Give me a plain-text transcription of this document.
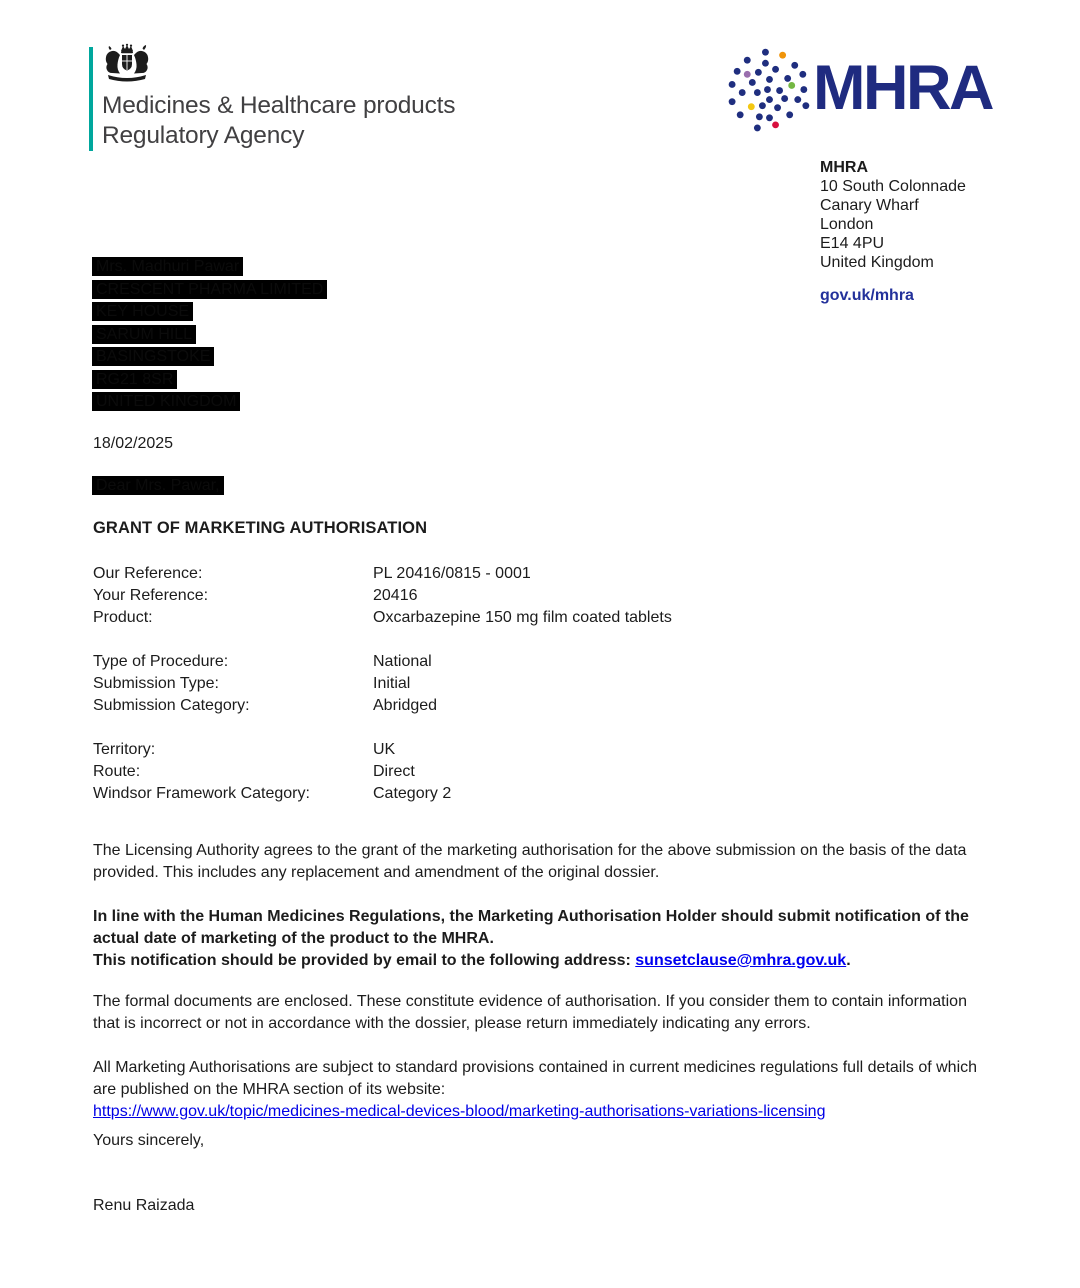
Medicines & Healthcare products
Regulatory Agency
MHRA
MHRA
10 South Colonnade
Canary Wharf
London
E14 4PU
United Kingdom
gov.uk/mhra
Mrs. Madhuri Pawar
CRESCENT PHARMA LIMITED
KEY HOUSE
SARUM HILL
BASINGSTOKE
RG21 8SR
UNITED KINGDOM
18/02/2025
Dear Mrs. Pawar,
GRANT OF MARKETING AUTHORISATION
Our Reference:	PL 20416/0815 - 0001
Your Reference:	20416
Product:	Oxcarbazepine 150 mg film coated tablets
Type of Procedure:	National
Submission Type:	Initial
Submission Category:	Abridged
Territory:	UK
Route:	Direct
Windsor Framework Category:	Category 2

The Licensing Authority agrees to the grant of the marketing authorisation for the above submission on the basis of the data provided. This includes any replacement and amendment of the original dossier.

In line with the Human Medicines Regulations, the Marketing Authorisation Holder should submit notification of the actual date of marketing of the product to the MHRA.
This notification should be provided by email to the following address: sunsetclause@mhra.gov.uk.

The formal documents are enclosed. These constitute evidence of authorisation. If you consider them to contain information that is incorrect or not in accordance with the dossier, please return immediately indicating any errors.

All Marketing Authorisations are subject to standard provisions contained in current medicines regulations full details of which are published on the MHRA section of its website:
https://www.gov.uk/topic/medicines-medical-devices-blood/marketing-authorisations-variations-licensing

Yours sincerely,
Renu Raizada
